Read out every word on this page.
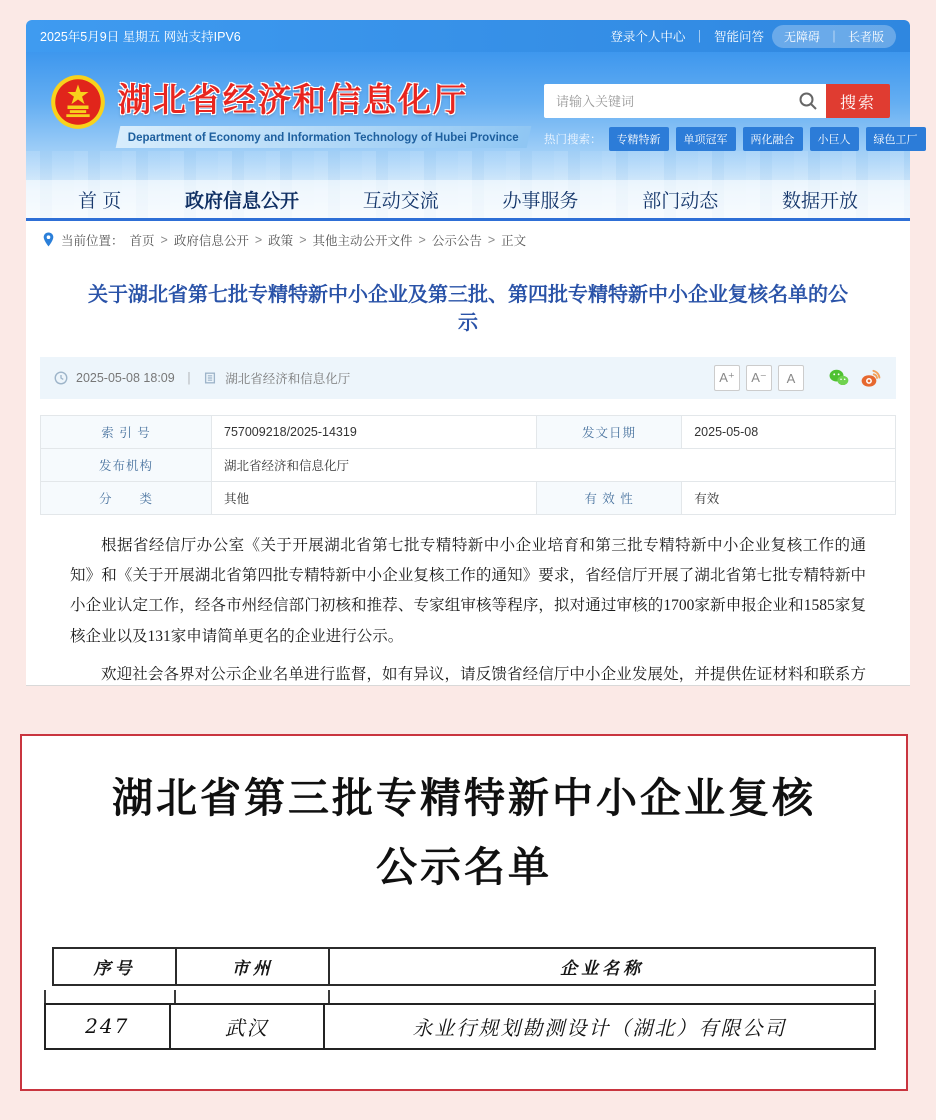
2025年5月9日 星期五 网站支持IPV6	登录个人中心 ｜ 智能问答 无障碍 ｜ 长者版
湖北省经济和信息化厅
Department of Economy and Information Technology of Hubei Province
请输入关键词
搜索
热门搜索：	专精特新	单项冠军	两化融合	小巨人	绿色工厂
首 页	政府信息公开	互动交流	办事服务	部门动态	数据开放
当前位置： 首页 > 政府信息公开 > 政策 > 其他主动公开文件 > 公示公告 > 正文
关于湖北省第七批专精特新中小企业及第三批、第四批专精特新中小企业复核名单的公示
2025-05-08 18:09 ｜ 湖北省经济和信息化厅	A⁺	A⁻	A
索 引 号	757009218/2025-14319	发文日期	2025-05-08
发布机构	湖北省经济和信息化厅		
分　　类	其他	有 效 性	有效

根据省经信厅办公室《关于开展湖北省第七批专精特新中小企业培育和第三批专精特新中小企业复核工作的通知》和《关于开展湖北省第四批专精特新中小企业复核工作的通知》要求，省经信厅开展了湖北省第七批专精特新中小企业认定工作，经各市州经信部门初核和推荐、专家组审核等程序，拟对通过审核的1700家新申报企业和1585家复核企业以及131家申请简单更名的企业进行公示。

欢迎社会各界对公示企业名单进行监督，如有异议，请反馈省经信厅中小企业发展处，并提供佐证材料和联系方

湖北省第三批专精特新中小企业复核
公示名单
序号	市州	企业名称
247	武汉	永业行规划勘测设计（湖北）有限公司
